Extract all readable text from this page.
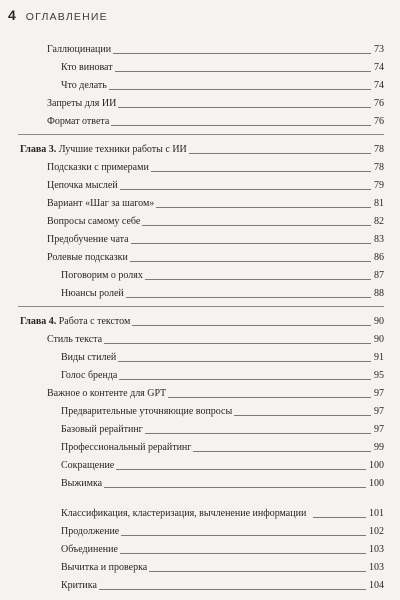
4 ОГЛАВЛЕНИЕ
Галлюцинации	73
Кто виноват	74
Что делать	74
Запреты для ИИ	76
Формат ответа	76
Глава 3. Лучшие техники работы с ИИ	78
Подсказки с примерами	78
Цепочка мыслей	79
Вариант «Шаг за шагом»	81
Вопросы самому себе	82
Предобучение чата	83
Ролевые подсказки	86
Поговорим о ролях	87
Нюансы ролей	88
Глава 4. Работа с текстом	90
Стиль текста	90
Виды стилей	91
Голос бренда	95
Важное о контенте для GPT	97
Предварительные уточняющие вопросы	97
Базовый рерайтинг	97
Профессиональный рерайтинг	99
Сокращение	100
Выжимка	100
Классификация, кластеризация, вычленение информации	101
Продолжение	102
Объединение	103
Вычитка и проверка	103
Критика	104
